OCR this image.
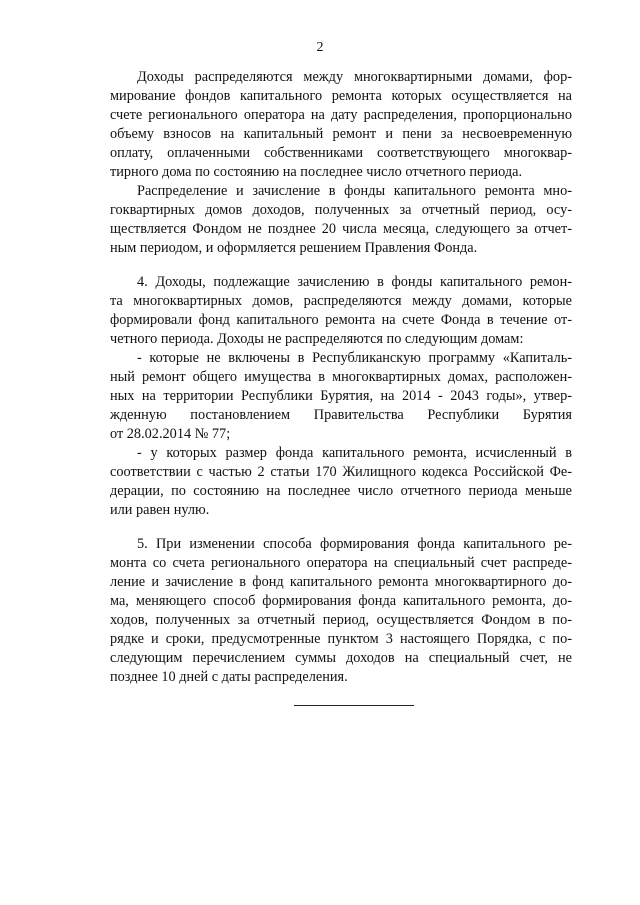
2
Доходы распределяются между многоквартирными домами, фор-
мирование фондов капитального ремонта которых осуществляется на
счете регионального оператора на дату распределения, пропорционально
объему взносов на капитальный ремонт и пени за несвоевременную
оплату, оплаченными собственниками соответствующего многоквар-
тирного дома по состоянию на последнее число отчетного периода.
Распределение и зачисление в фонды капитального ремонта мно-
гоквартирных домов доходов, полученных за отчетный период, осу-
ществляется Фондом не позднее 20 числа месяца, следующего за отчет-
ным периодом, и оформляется решением Правления Фонда.
4. Доходы, подлежащие зачислению в фонды капитального ремон-
та многоквартирных домов, распределяются между домами, которые
формировали фонд капитального ремонта на счете Фонда в течение от-
четного периода. Доходы не распределяются по следующим домам:
- которые не включены в Республиканскую программу «Капиталь-
ный ремонт общего имущества в многоквартирных домах, расположен-
ных на территории Республики Бурятия, на 2014 - 2043 годы», утвер-
жденную постановлением Правительства Республики Бурятия
от 28.02.2014 № 77;
- у которых размер фонда капитального ремонта, исчисленный в
соответствии с частью 2 статьи 170 Жилищного кодекса Российской Фе-
дерации, по состоянию на последнее число отчетного периода меньше
или равен нулю.
5. При изменении способа формирования фонда капитального ре-
монта со счета регионального оператора на специальный счет распреде-
ление и зачисление в фонд капитального ремонта многоквартирного до-
ма, меняющего способ формирования фонда капитального ремонта, до-
ходов, полученных за отчетный период, осуществляется Фондом в по-
рядке и сроки, предусмотренные пунктом 3 настоящего Порядка, с по-
следующим перечислением суммы доходов на специальный счет, не
позднее 10 дней с даты распределения.
